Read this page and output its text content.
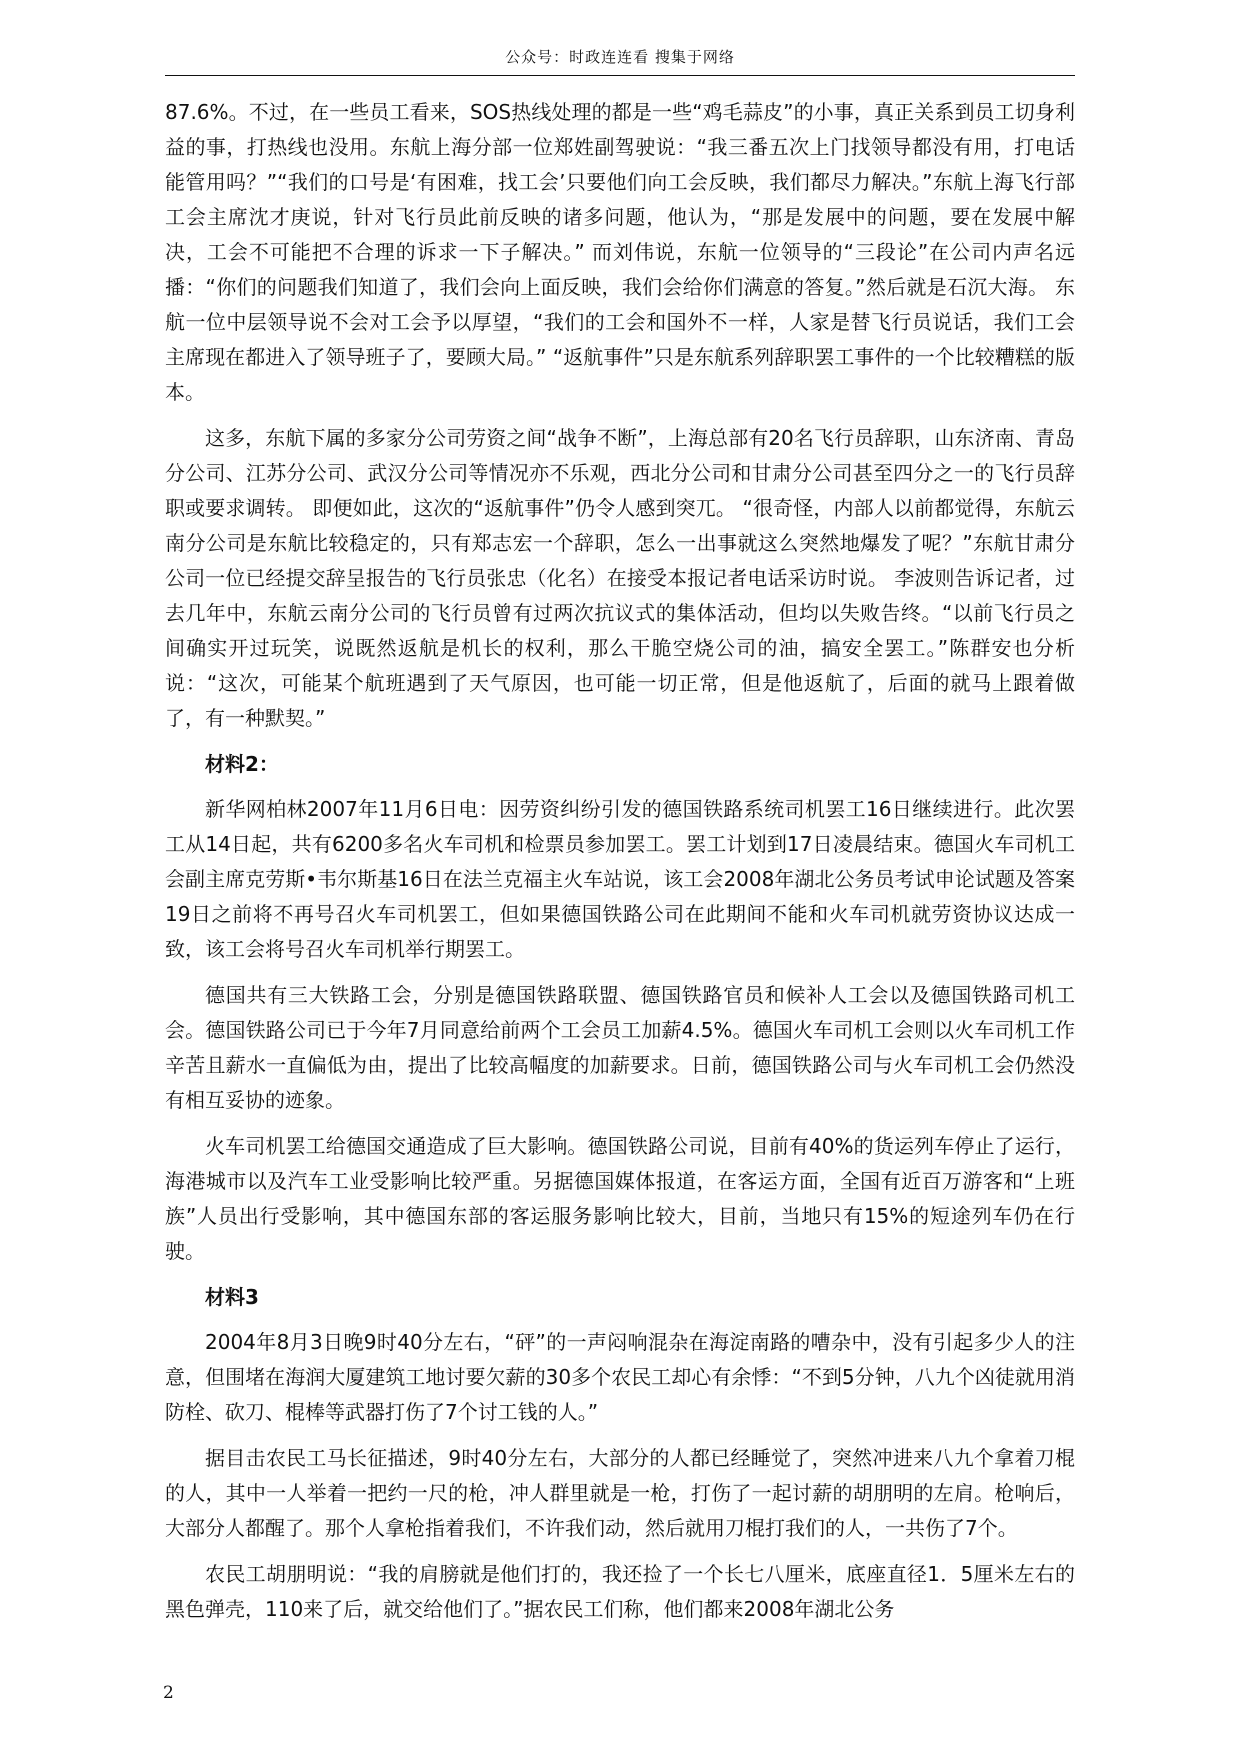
公众号：时政连连看 搜集于网络

87.6%。不过，在一些员工看来，SOS热线处理的都是一些“鸡毛蒜皮”的小事，真正关系到员工切身利益的事，打热线也没用。东航上海分部一位郑姓副驾驶说：“我三番五次上门找领导都没有用，打电话能管用吗？”“我们的口号是‘有困难，找工会’只要他们向工会反映，我们都尽力解决。”东航上海飞行部工会主席沈才庚说，针对飞行员此前反映的诸多问题，他认为，“那是发展中的问题，要在发展中解决，工会不可能把不合理的诉求一下子解决。” 而刘伟说，东航一位领导的“三段论”在公司内声名远播：“你们的问题我们知道了，我们会向上面反映，我们会给你们满意的答复。”然后就是石沉大海。 东航一位中层领导说不会对工会予以厚望，“我们的工会和国外不一样，人家是替飞行员说话，我们工会主席现在都进入了领导班子了，要顾大局。” “返航事件”只是东航系列辞职罢工事件的一个比较糟糕的版本。

这多，东航下属的多家分公司劳资之间“战争不断”，上海总部有20名飞行员辞职，山东济南、青岛分公司、江苏分公司、武汉分公司等情况亦不乐观，西北分公司和甘肃分公司甚至四分之一的飞行员辞职或要求调转。 即便如此，这次的“返航事件”仍令人感到突兀。 “很奇怪，内部人以前都觉得，东航云南分公司是东航比较稳定的，只有郑志宏一个辞职，怎么一出事就这么突然地爆发了呢？”东航甘肃分公司一位已经提交辞呈报告的飞行员张忠（化名）在接受本报记者电话采访时说。 李波则告诉记者，过去几年中，东航云南分公司的飞行员曾有过两次抗议式的集体活动，但均以失败告终。“以前飞行员之间确实开过玩笑，说既然返航是机长的权利，那么干脆空烧公司的油，搞安全罢工。”陈群安也分析说：“这次，可能某个航班遇到了天气原因，也可能一切正常，但是他返航了，后面的就马上跟着做了，有一种默契。”

材料2：

新华网柏林2007年11月6日电：因劳资纠纷引发的德国铁路系统司机罢工16日继续进行。此次罢工从14日起，共有6200多名火车司机和检票员参加罢工。罢工计划到17日凌晨结束。德国火车司机工会副主席克劳斯•韦尔斯基16日在法兰克福主火车站说，该工会2008年湖北公务员考试申论试题及答案19日之前将不再号召火车司机罢工，但如果德国铁路公司在此期间不能和火车司机就劳资协议达成一致，该工会将号召火车司机举行期罢工。

德国共有三大铁路工会，分别是德国铁路联盟、德国铁路官员和候补人工会以及德国铁路司机工会。德国铁路公司已于今年7月同意给前两个工会员工加薪4.5%。德国火车司机工会则以火车司机工作辛苦且薪水一直偏低为由，提出了比较高幅度的加薪要求。日前，德国铁路公司与火车司机工会仍然没有相互妥协的迹象。

火车司机罢工给德国交通造成了巨大影响。德国铁路公司说，目前有40%的货运列车停止了运行，海港城市以及汽车工业受影响比较严重。另据德国媒体报道，在客运方面，全国有近百万游客和“上班族”人员出行受影响，其中德国东部的客运服务影响比较大，目前，当地只有15%的短途列车仍在行驶。

材料3

2004年8月3日晚9时40分左右，“砰”的一声闷响混杂在海淀南路的嘈杂中，没有引起多少人的注意，但围堵在海润大厦建筑工地讨要欠薪的30多个农民工却心有余悸：“不到5分钟，八九个凶徒就用消防栓、砍刀、棍棒等武器打伤了7个讨工钱的人。”

据目击农民工马长征描述，9时40分左右，大部分的人都已经睡觉了，突然冲进来八九个拿着刀棍的人，其中一人举着一把约一尺的枪，冲人群里就是一枪，打伤了一起讨薪的胡朋明的左肩。枪响后，大部分人都醒了。那个人拿枪指着我们，不许我们动，然后就用刀棍打我们的人，一共伤了7个。

农民工胡朋明说：“我的肩膀就是他们打的，我还捡了一个长七八厘米，底座直径1．5厘米左右的黑色弹壳，110来了后，就交给他们了。”据农民工们称，他们都来2008年湖北公务

2
